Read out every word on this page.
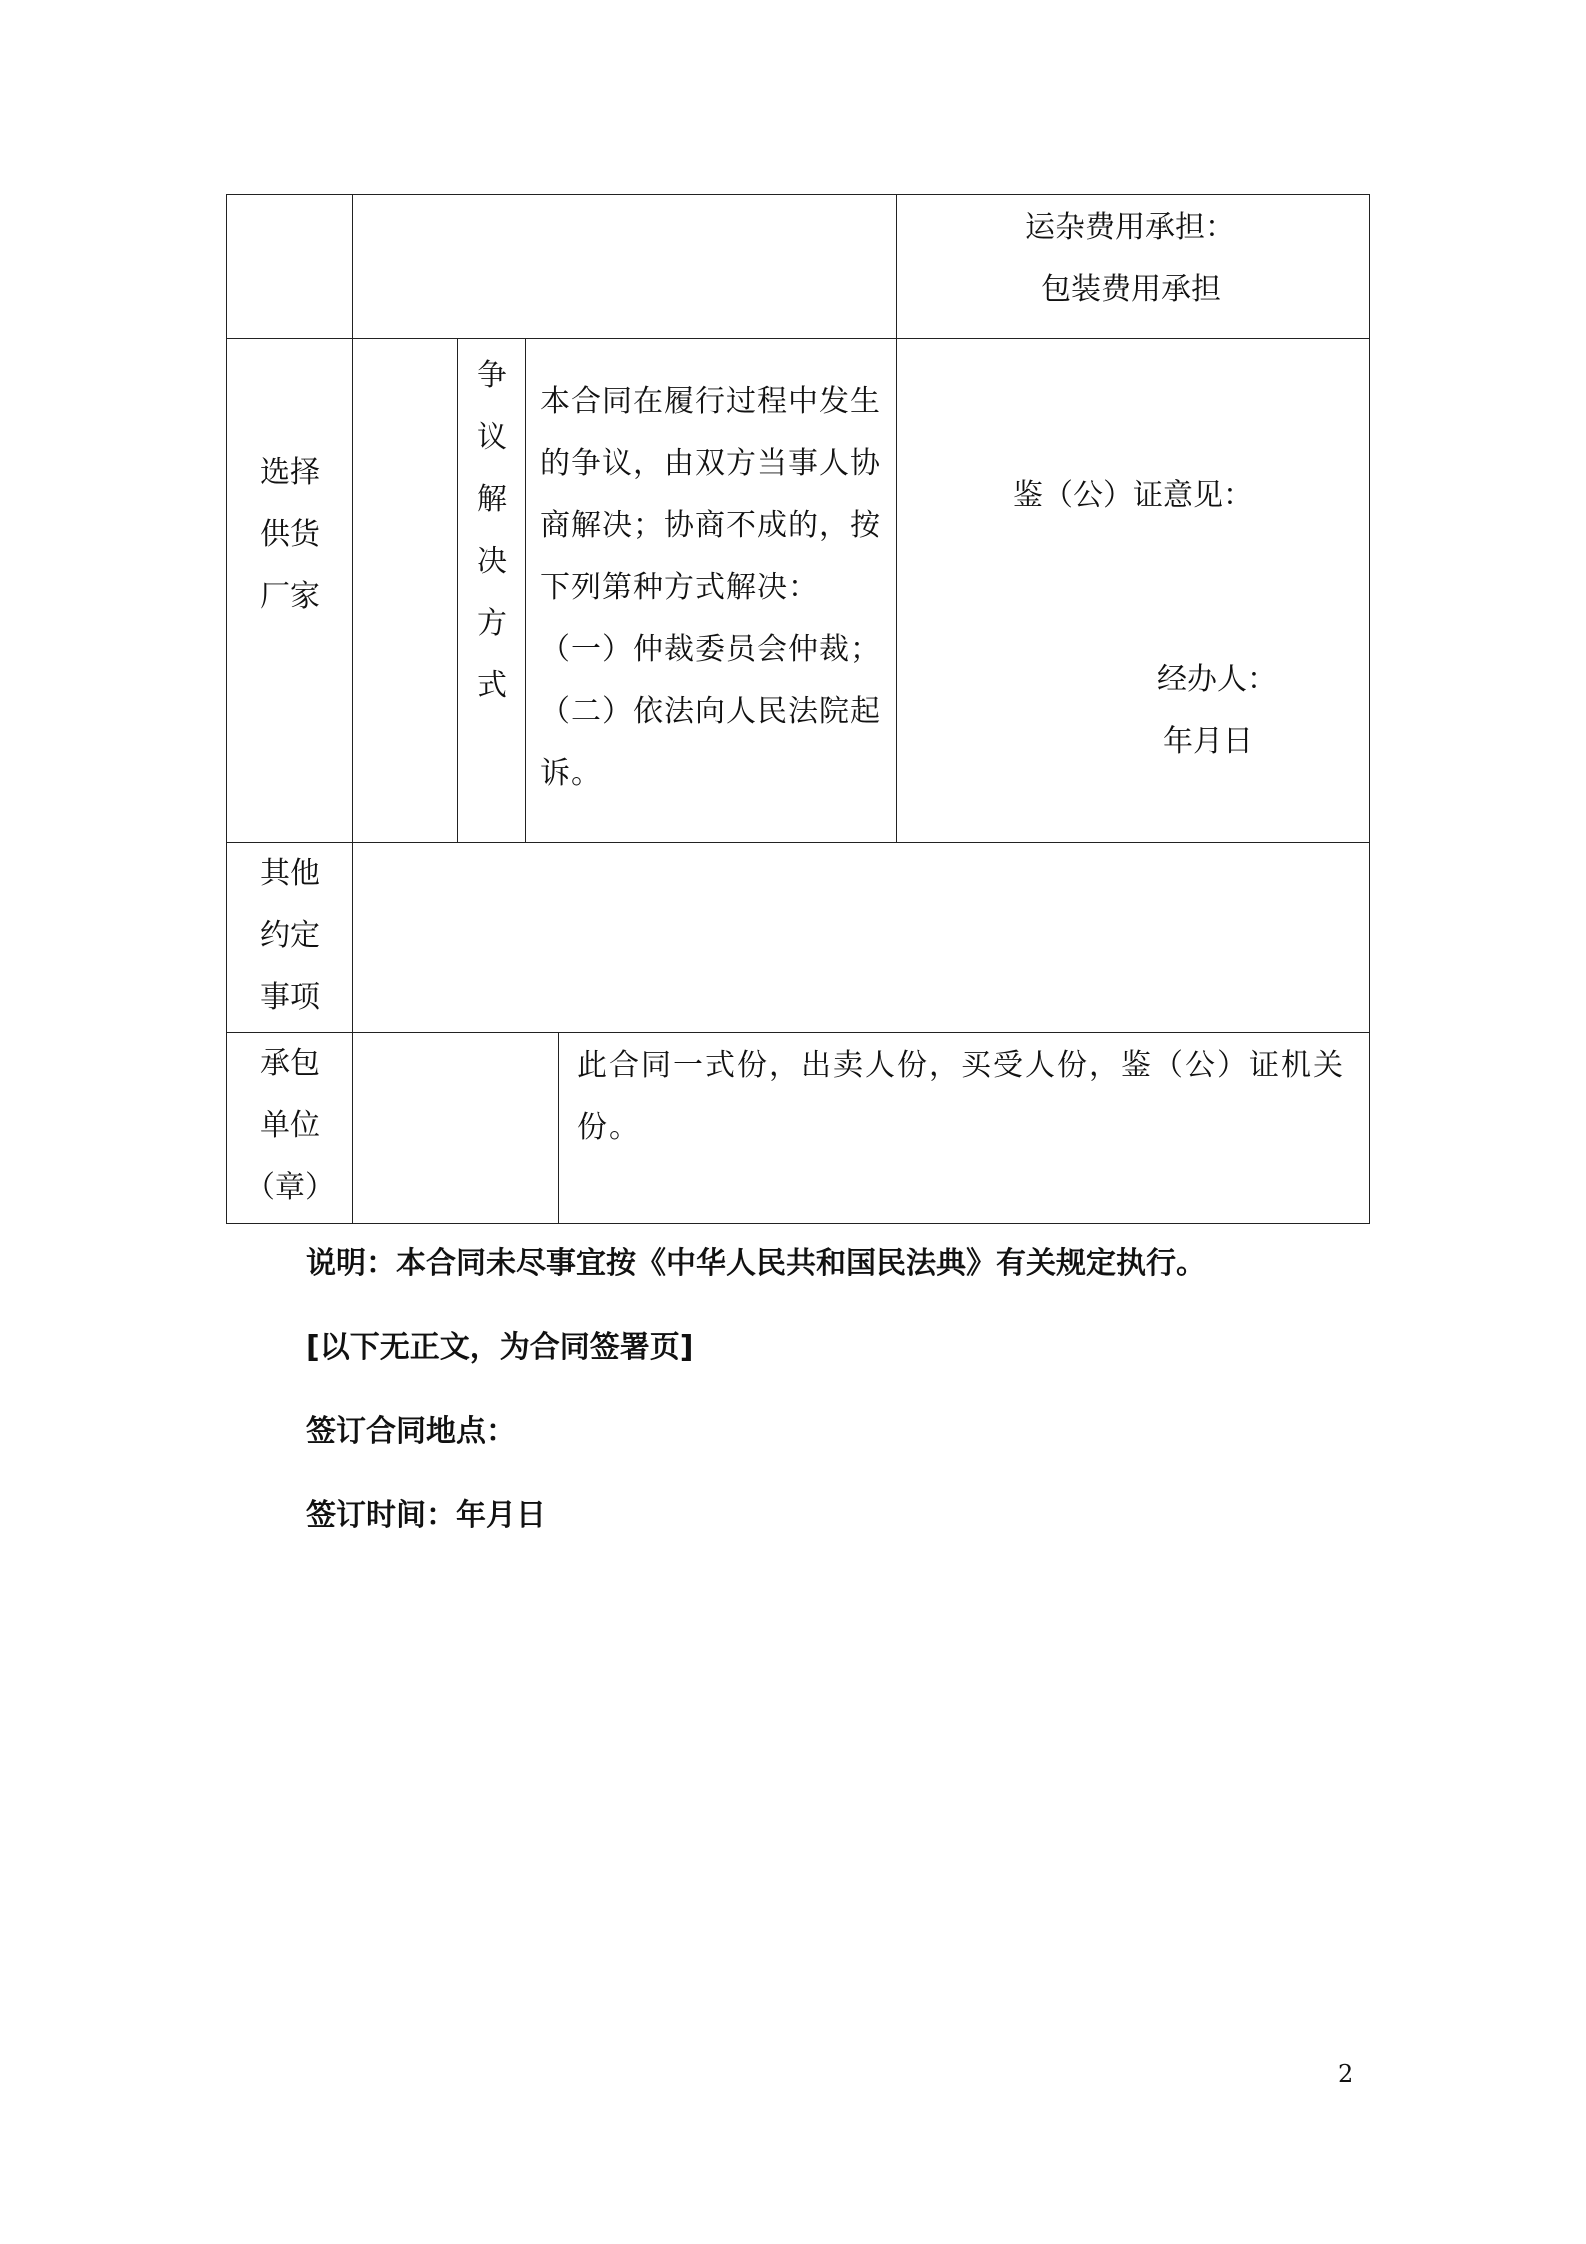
运杂费用承担：
包装费用承担
选择
供货
厂家
争
议
解
决
方
式
本合同在履行过程中发生的争议，由双方当事人协商解决；协商不成的，按下列第种方式解决：
（一）仲裁委员会仲裁；
（二）依法向人民法院起诉。
鉴（公）证意见：
经办人：
年月日
其他
约定
事项
承包
单位
（章）
此合同一式份，出卖人份，买受人份，鉴（公）证机关份。
说明：本合同未尽事宜按《中华人民共和国民法典》有关规定执行。
[以下无正文，为合同签署页]
签订合同地点：
签订时间：年月日
2
